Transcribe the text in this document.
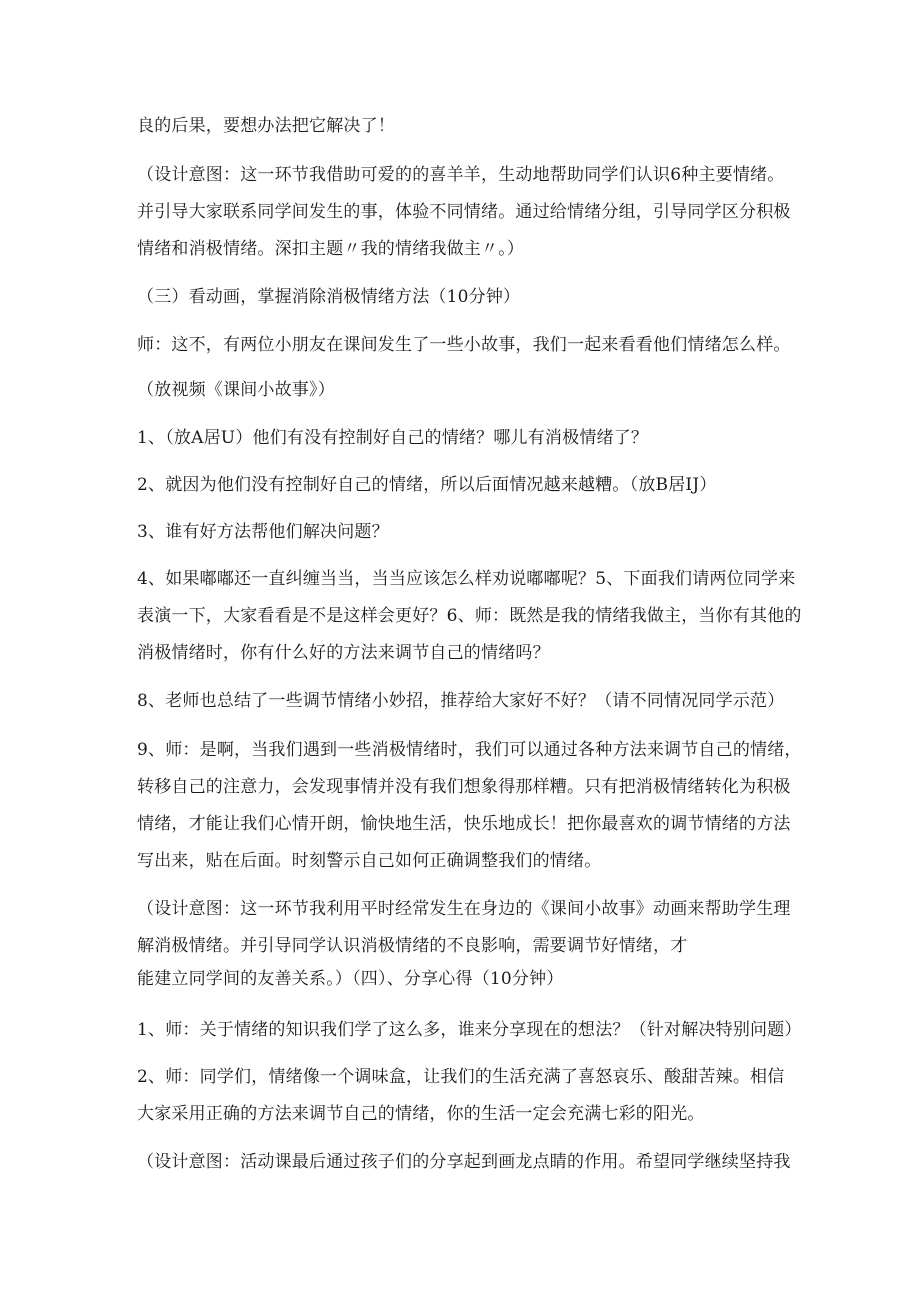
良的后果，要想办法把它解决了！
（设计意图：这一环节我借助可爱的的喜羊羊，生动地帮助同学们认识6种主要情绪。
并引导大家联系同学间发生的事，体验不同情绪。通过给情绪分组，引导同学区分积极
情绪和消极情绪。深扣主题〃我的情绪我做主〃。）
（三）看动画，掌握消除消极情绪方法（10分钟）
师：这不，有两位小朋友在课间发生了一些小故事，我们一起来看看他们情绪怎么样。
（放视频《课间小故事》）
1、（放A居U）他们有没有控制好自己的情绪？哪儿有消极情绪了？
2、就因为他们没有控制好自己的情绪，所以后面情况越来越糟。（放B居IJ）
3、谁有好方法帮他们解决问题？
4、如果嘟嘟还一直纠缠当当，当当应该怎么样劝说嘟嘟呢？5、下面我们请两位同学来
表演一下，大家看看是不是这样会更好？6、师：既然是我的情绪我做主，当你有其他的
消极情绪时，你有什么好的方法来调节自己的情绪吗？
8、老师也总结了一些调节情绪小妙招，推荐给大家好不好？（请不同情况同学示范）
9、师：是啊，当我们遇到一些消极情绪时，我们可以通过各种方法来调节自己的情绪，
转移自己的注意力，会发现事情并没有我们想象得那样糟。只有把消极情绪转化为积极
情绪，才能让我们心情开朗，愉快地生活，快乐地成长！把你最喜欢的调节情绪的方法
写出来，贴在后面。时刻警示自己如何正确调整我们的情绪。
（设计意图：这一环节我利用平时经常发生在身边的《课间小故事》动画来帮助学生理
解消极情绪。并引导同学认识消极情绪的不良影响，需要调节好情绪，才
能建立同学间的友善关系。）（四）、分享心得（10分钟）
1、师：关于情绪的知识我们学了这么多，谁来分享现在的想法？（针对解决特别问题）
2、师：同学们，情绪像一个调味盒，让我们的生活充满了喜怒哀乐、酸甜苦辣。相信
大家采用正确的方法来调节自己的情绪，你的生活一定会充满七彩的阳光。
（设计意图：活动课最后通过孩子们的分享起到画龙点睛的作用。希望同学继续坚持我
